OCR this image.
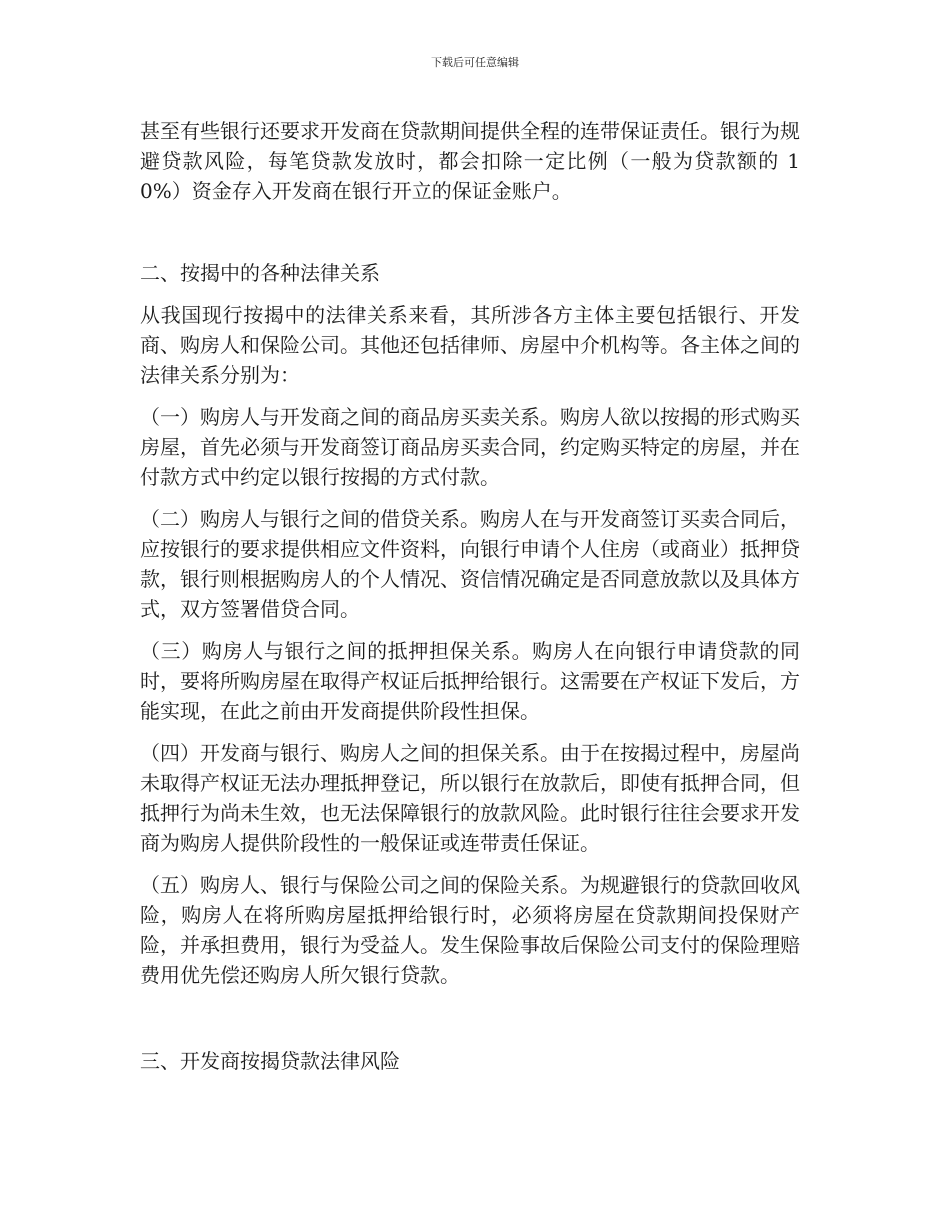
下载后可任意编辑

甚至有些银行还要求开发商在贷款期间提供全程的连带保证责任。银行为规避贷款风险，每笔贷款发放时，都会扣除一定比例（一般为贷款额的 10%）资金存入开发商在银行开立的保证金账户。

二、按揭中的各种法律关系

从我国现行按揭中的法律关系来看，其所涉各方主体主要包括银行、开发商、购房人和保险公司。其他还包括律师、房屋中介机构等。各主体之间的法律关系分别为：

（一）购房人与开发商之间的商品房买卖关系。购房人欲以按揭的形式购买房屋，首先必须与开发商签订商品房买卖合同，约定购买特定的房屋，并在付款方式中约定以银行按揭的方式付款。

（二）购房人与银行之间的借贷关系。购房人在与开发商签订买卖合同后，应按银行的要求提供相应文件资料，向银行申请个人住房（或商业）抵押贷款，银行则根据购房人的个人情况、资信情况确定是否同意放款以及具体方式，双方签署借贷合同。

（三）购房人与银行之间的抵押担保关系。购房人在向银行申请贷款的同时，要将所购房屋在取得产权证后抵押给银行。这需要在产权证下发后，方能实现，在此之前由开发商提供阶段性担保。

（四）开发商与银行、购房人之间的担保关系。由于在按揭过程中，房屋尚未取得产权证无法办理抵押登记，所以银行在放款后，即使有抵押合同，但抵押行为尚未生效，也无法保障银行的放款风险。此时银行往往会要求开发商为购房人提供阶段性的一般保证或连带责任保证。

（五）购房人、银行与保险公司之间的保险关系。为规避银行的贷款回收风险，购房人在将所购房屋抵押给银行时，必须将房屋在贷款期间投保财产险，并承担费用，银行为受益人。发生保险事故后保险公司支付的保险理赔费用优先偿还购房人所欠银行贷款。

三、开发商按揭贷款法律风险
